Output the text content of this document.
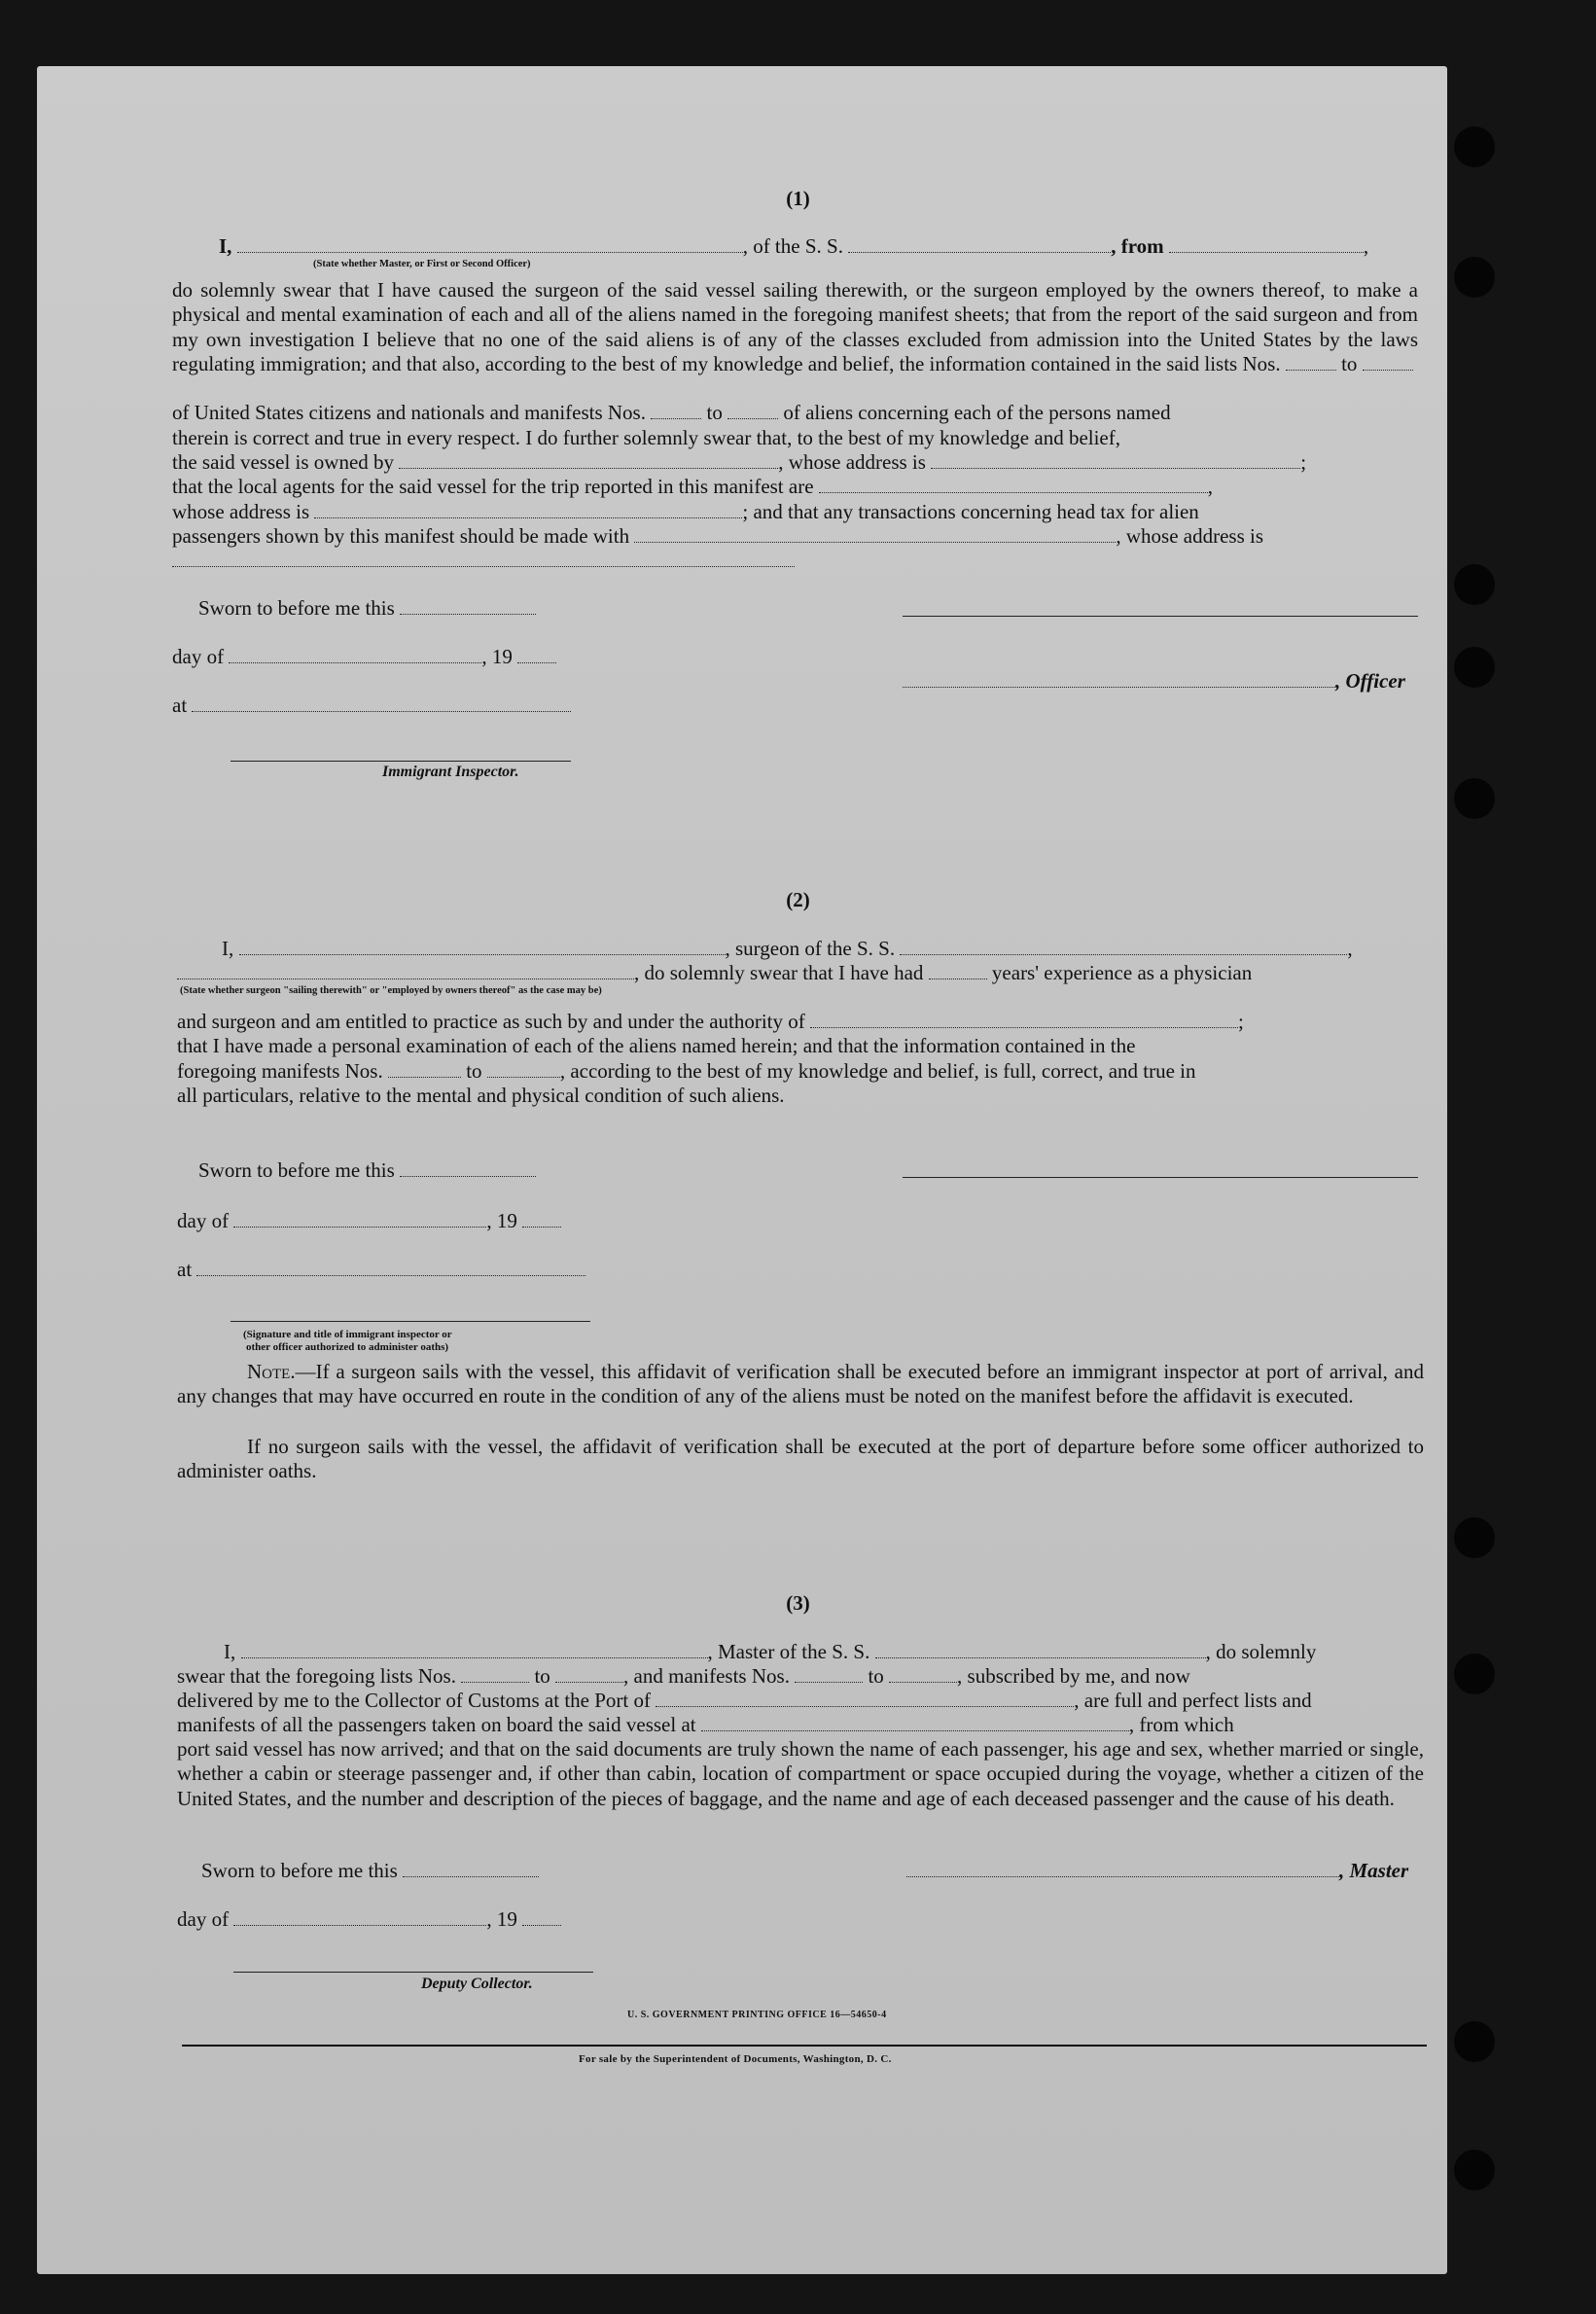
(1)
I,	, of the S. S.	, from	,
(State whether Master, or First or Second Officer)

do solemnly swear that I have caused the surgeon of the said vessel sailing therewith, or the surgeon employed by the owners thereof, to make a physical and mental examination of each and all of the aliens named in the foregoing manifest sheets; that from the report of the said surgeon and from my own investigation I believe that no one of the said aliens is of any of the classes excluded from admission into the United States by the laws regulating immigration; and that also, according to the best of my knowledge and belief, the information contained in the said lists Nos.	to

of United States citizens and nationals and manifests Nos.	to	of aliens concerning each of the persons named
therein is correct and true in every respect. I do further solemnly swear that, to the best of my knowledge and belief,
the said vessel is owned by	, whose address is	;
that the local agents for the said vessel for the trip reported in this manifest are	,
whose address is	; and that any transactions concerning head tax for alien
passengers shown by this manifest should be made with	, whose address is
Sworn to before me this
day of	, 19
, Officer
at
Immigrant Inspector.
(2)
I,	, surgeon of the S. S.	,
, do solemnly swear that I have had	years' experience as a physician
(State whether surgeon "sailing therewith" or "employed by owners thereof" as the case may be)
and surgeon and am entitled to practice as such by and under the authority of	;
that I have made a personal examination of each of the aliens named herein; and that the information contained in the
foregoing manifests Nos.	to	, according to the best of my knowledge and belief, is full, correct, and true in
all particulars, relative to the mental and physical condition of such aliens.
Sworn to before me this
day of	, 19
at
(Signature and title of immigrant inspector or
other officer authorized to administer oaths)

Note.—If a surgeon sails with the vessel, this affidavit of verification shall be executed before an immigrant inspector at port of arrival, and any changes that may have occurred en route in the condition of any of the aliens must be noted on the manifest before the affidavit is executed.

If no surgeon sails with the vessel, the affidavit of verification shall be executed at the port of departure before some officer authorized to administer oaths.

(3)
I,	, Master of the S. S.	, do solemnly
swear that the foregoing lists Nos.	to	, and manifests Nos.	to	, subscribed by me, and now
delivered by me to the Collector of Customs at the Port of	, are full and perfect lists and
manifests of all the passengers taken on board the said vessel at	, from which

port said vessel has now arrived; and that on the said documents are truly shown the name of each passenger, his age and sex, whether married or single, whether a cabin or steerage passenger and, if other than cabin, location of compartment or space occupied during the voyage, whether a citizen of the United States, and the number and description of the pieces of baggage, and the name and age of each deceased passenger and the cause of his death.

Sworn to before me this	, Master
day of	, 19
Deputy Collector.
U. S. GOVERNMENT PRINTING OFFICE 16—54650-4
For sale by the Superintendent of Documents, Washington, D. C.
